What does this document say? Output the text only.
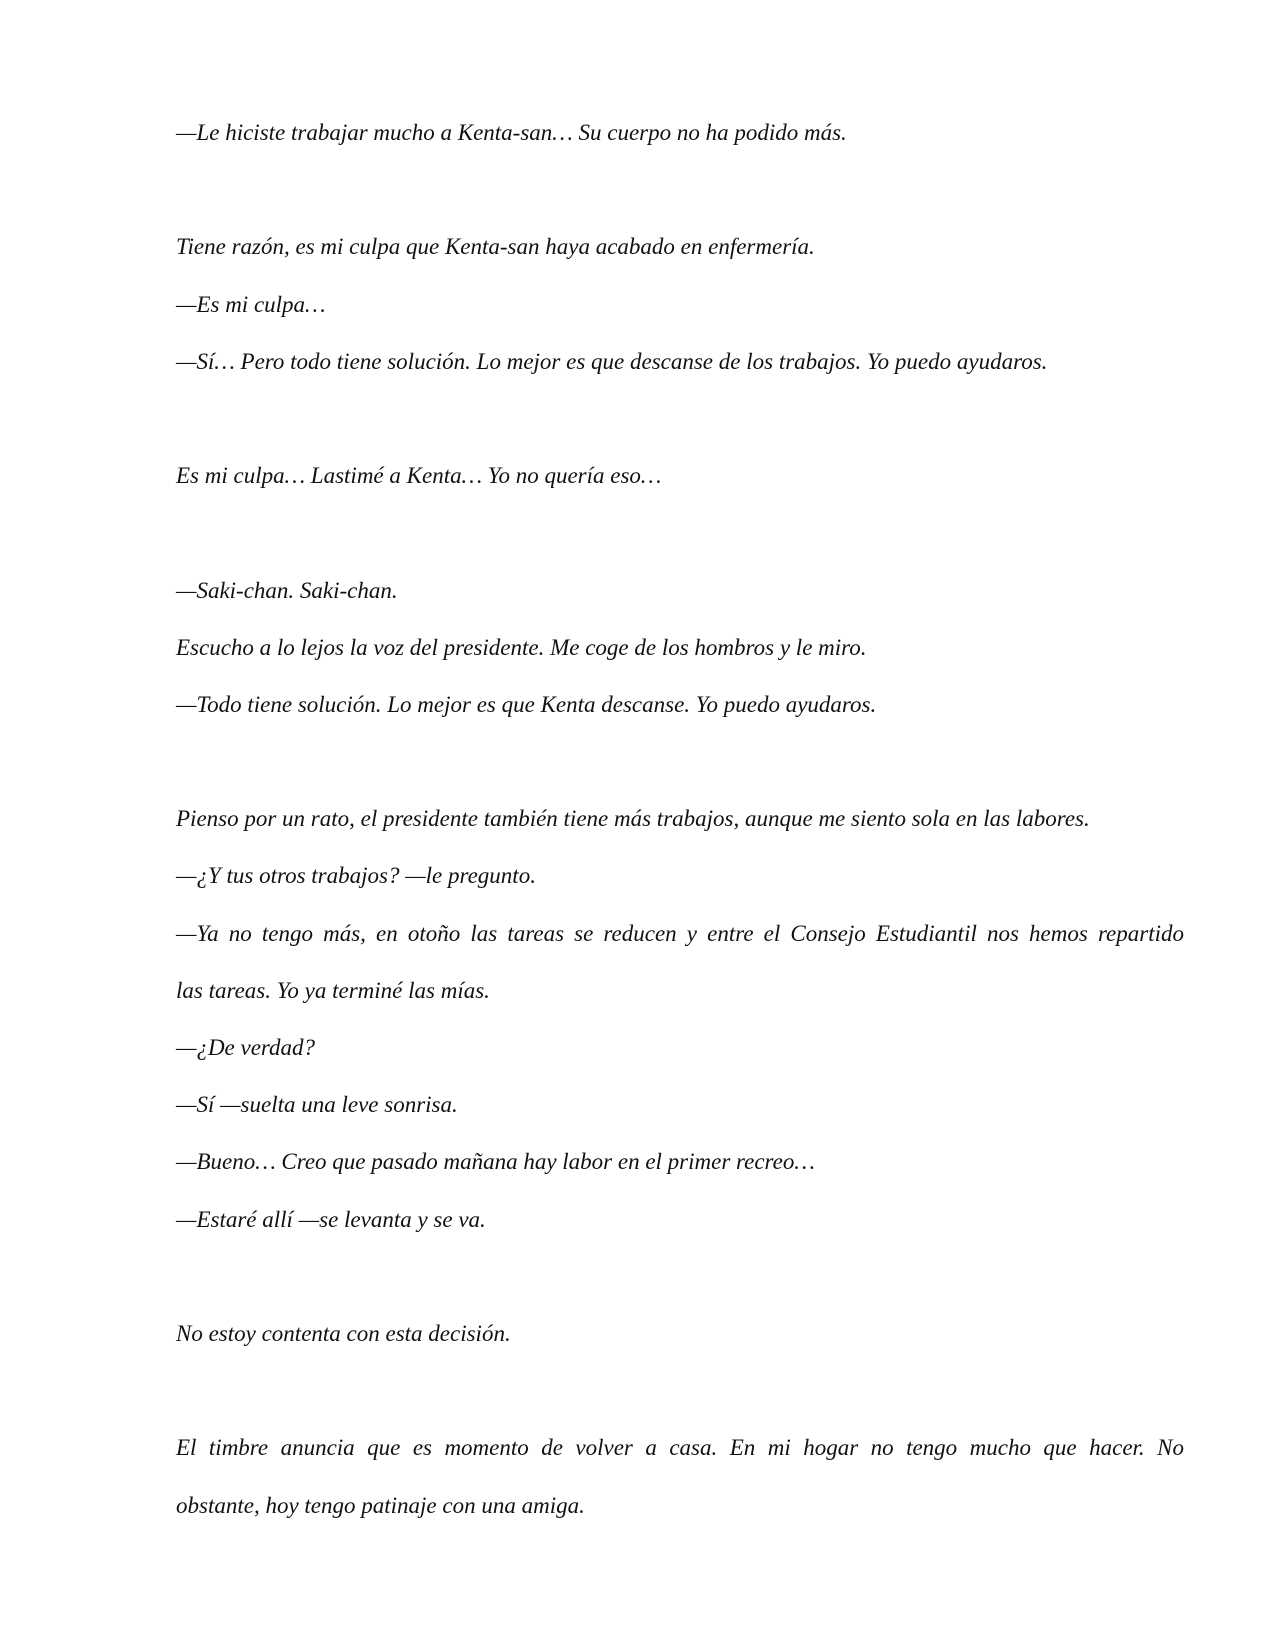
—Le hiciste trabajar mucho a Kenta-san… Su cuerpo no ha podido más.

Tiene razón, es mi culpa que Kenta-san haya acabado en enfermería.

—Es mi culpa…

—Sí… Pero todo tiene solución. Lo mejor es que descanse de los trabajos. Yo puedo ayudaros.

Es mi culpa… Lastimé a Kenta… Yo no quería eso…

—Saki-chan. Saki-chan.

Escucho a lo lejos la voz del presidente. Me coge de los hombros y le miro.

—Todo tiene solución. Lo mejor es que Kenta descanse. Yo puedo ayudaros.

Pienso por un rato, el presidente también tiene más trabajos, aunque me siento sola en las labores.

—¿Y tus otros trabajos? —le pregunto.

—Ya no tengo más, en otoño las tareas se reducen y entre el Consejo Estudiantil nos hemos repartido

las tareas. Yo ya terminé las mías.

—¿De verdad?

—Sí —suelta una leve sonrisa.

—Bueno… Creo que pasado mañana hay labor en el primer recreo…

—Estaré allí —se levanta y se va.

No estoy contenta con esta decisión.

El timbre anuncia que es momento de volver a casa. En mi hogar no tengo mucho que hacer. No

obstante, hoy tengo patinaje con una amiga.
